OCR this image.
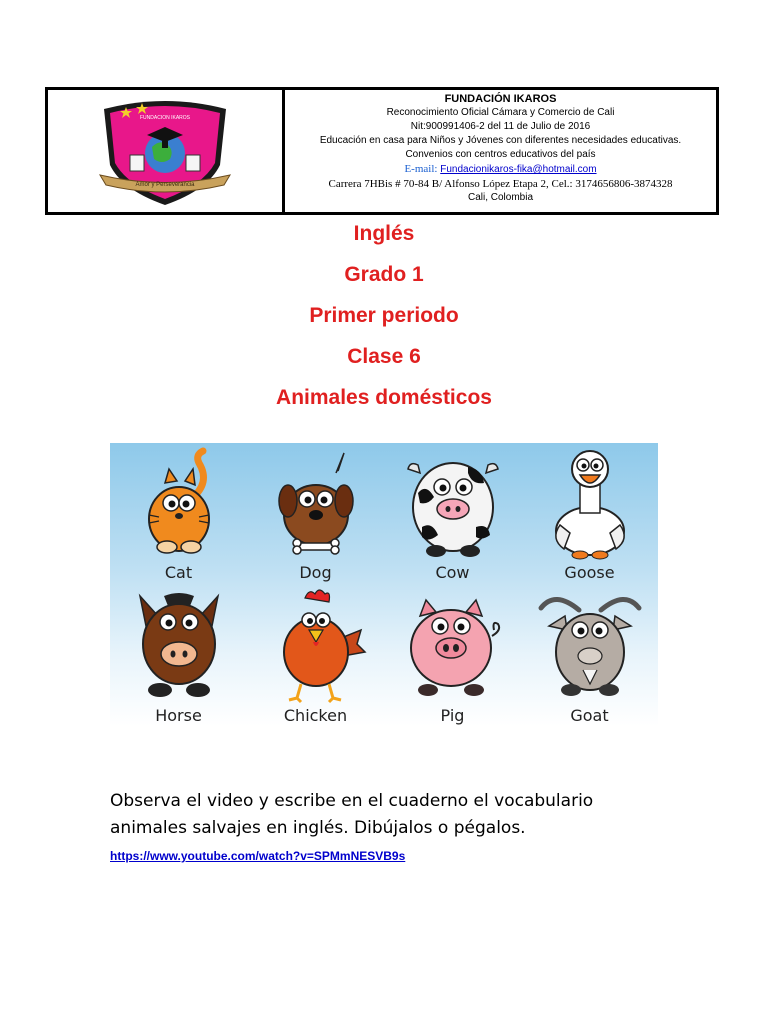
Amor y Perseverancia
FUNDACION IKAROS
FUNDACIÓN IKAROS
Reconocimiento Oficial Cámara y Comercio de Cali
Nit:900991406-2 del 11 de Julio de 2016
Educación en casa para Niños y Jóvenes con diferentes necesidades educativas.
Convenios con centros educativos del país
E-mail: Fundacionikaros-fika@hotmail.com
Carrera 7HBis # 70-84 B/ Alfonso López Etapa 2, Cel.: 3174656806-3874328
Cali, Colombia
Inglés
Grado 1
Primer periodo
Clase 6
Animales domésticos
Cat	Dog	Cow	Goose
Horse	Chicken	Pig	Goat
Observa el video y escribe en el cuaderno el vocabulario animales salvajes en inglés. Dibújalos o pégalos.
https://www.youtube.com/watch?v=SPMmNESVB9s
